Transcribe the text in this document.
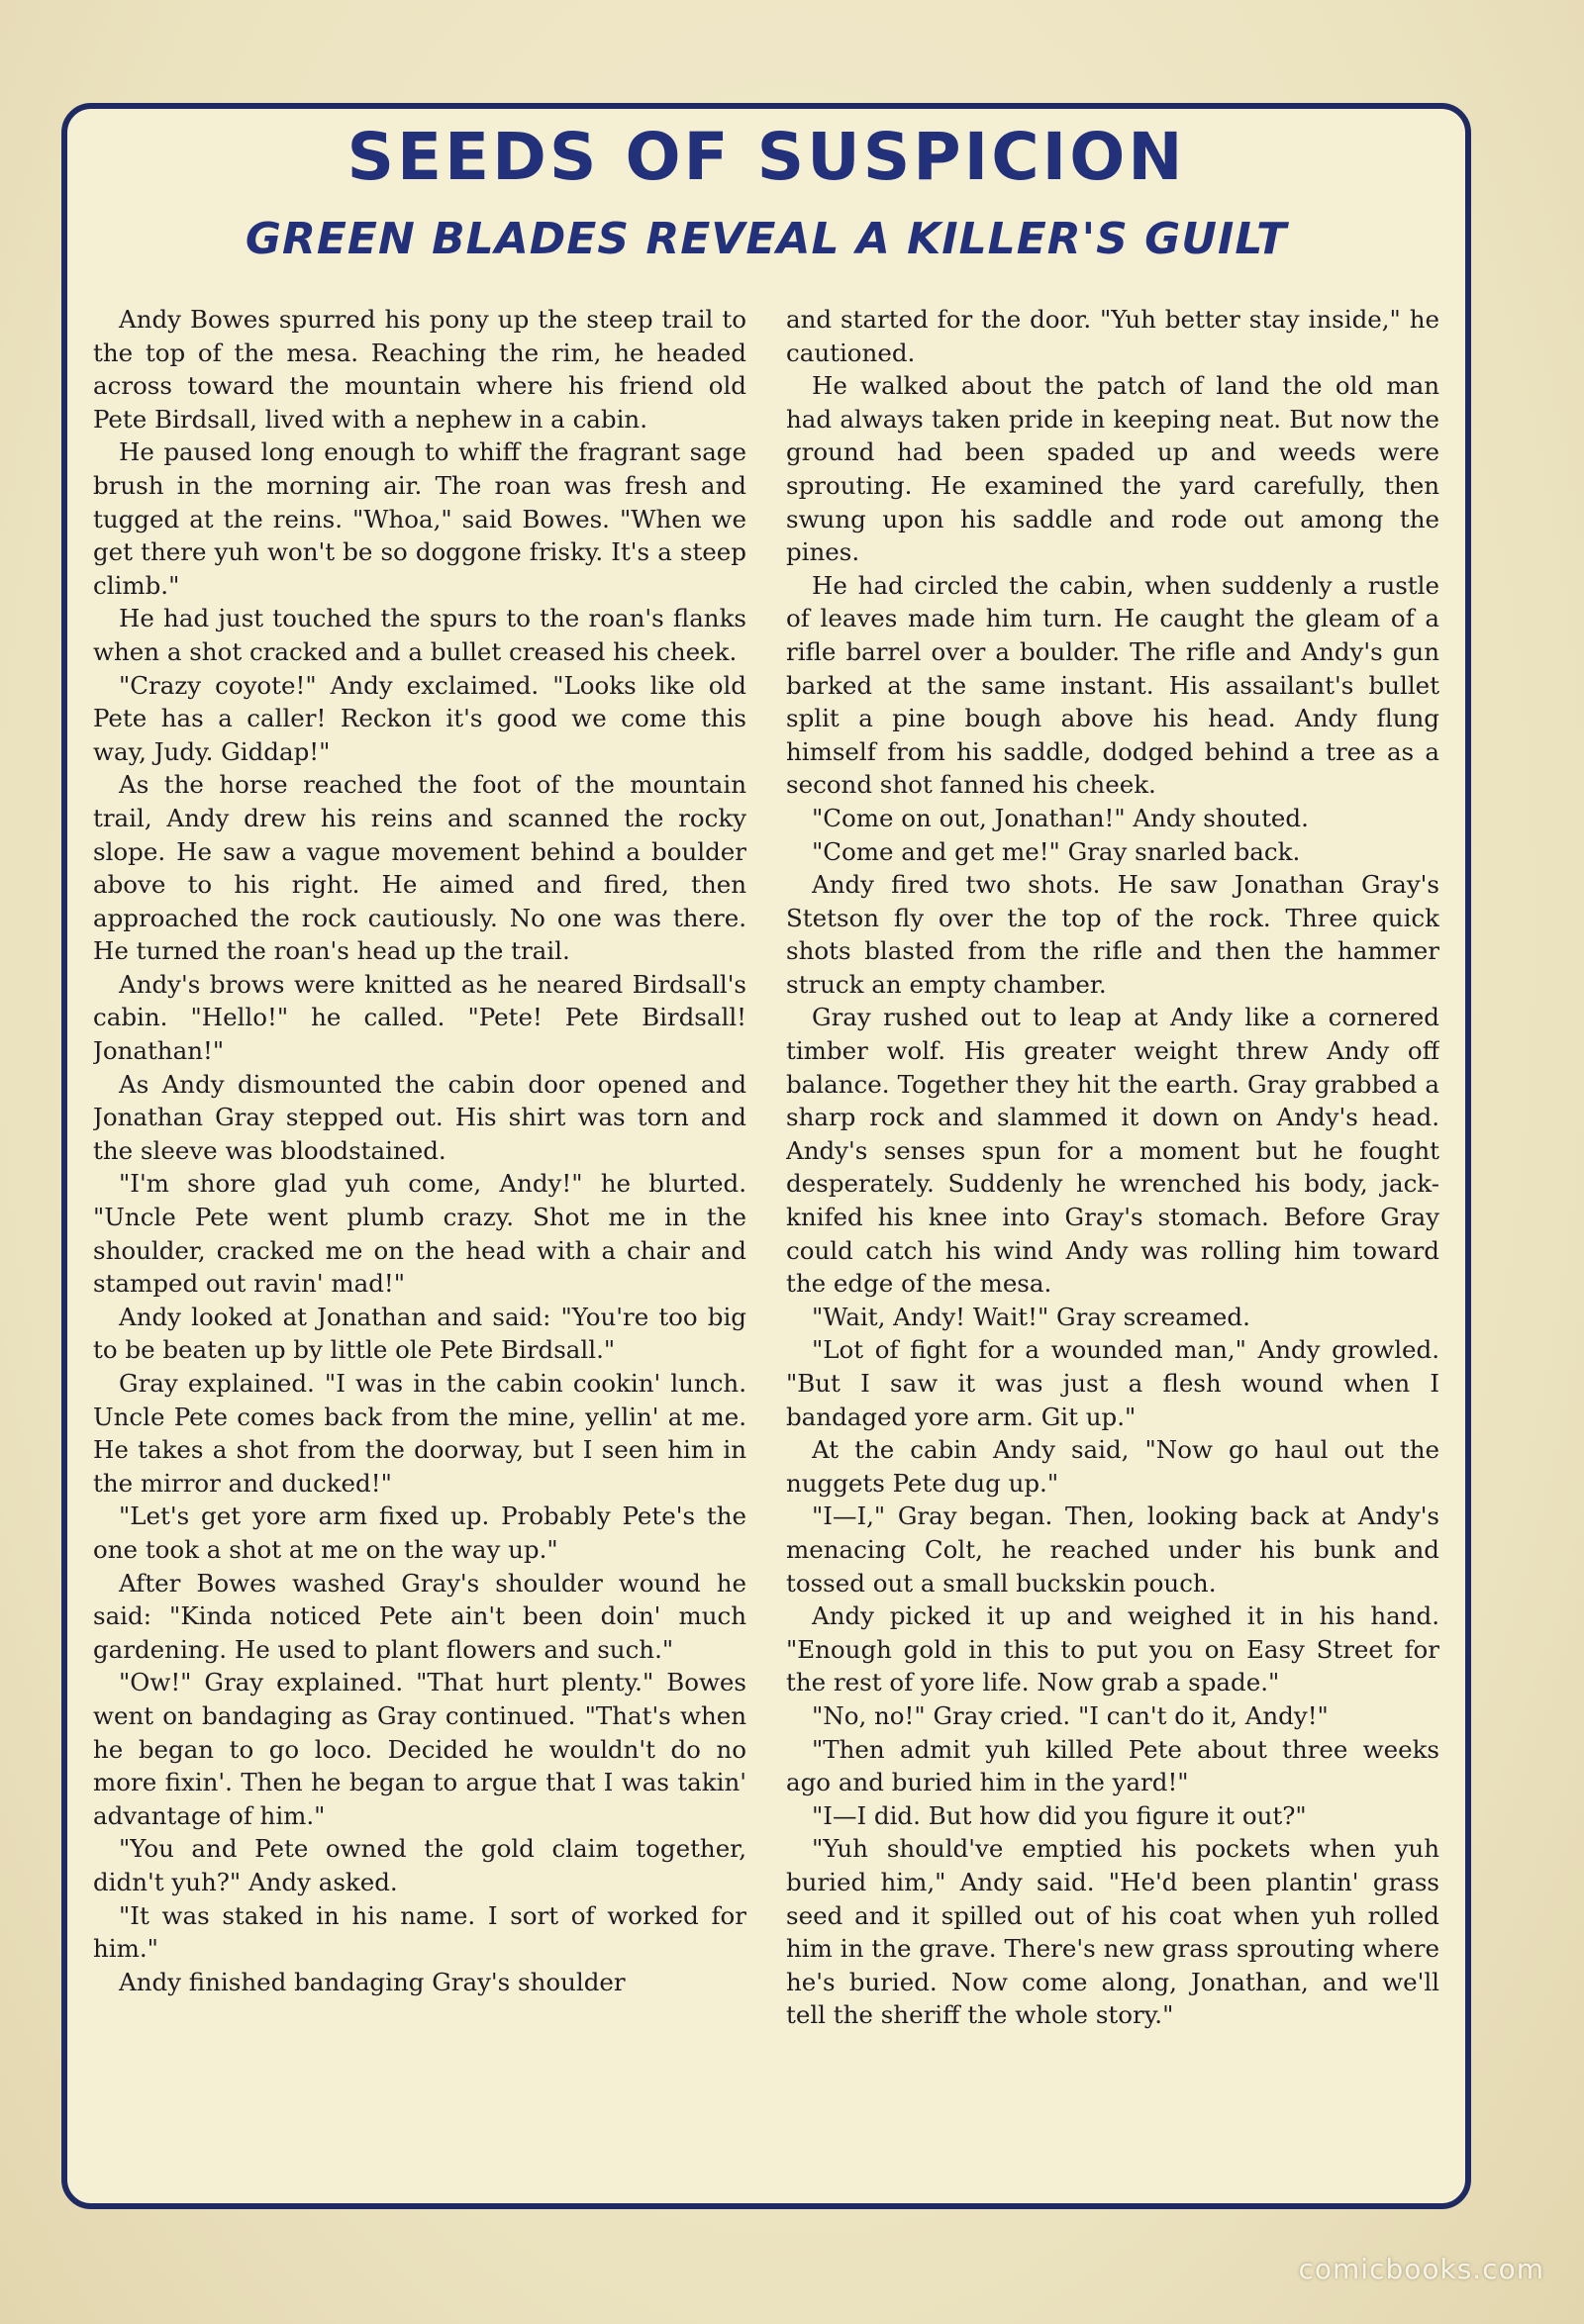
SEEDS OF SUSPICION
GREEN BLADES REVEAL A KILLER'S GUILT

Andy Bowes spurred his pony up the steep trail to the top of the mesa. Reaching the rim, he headed across toward the mountain where his friend old Pete Birdsall, lived with a nephew in a cabin.

He paused long enough to whiff the fragrant sage brush in the morning air. The roan was fresh and tugged at the reins. "Whoa," said Bowes. "When we get there yuh won't be so doggone frisky. It's a steep climb."

He had just touched the spurs to the roan's flanks when a shot cracked and a bullet creased his cheek.

"Crazy coyote!" Andy exclaimed. "Looks like old Pete has a caller! Reckon it's good we come this way, Judy. Giddap!"

As the horse reached the foot of the mountain trail, Andy drew his reins and scanned the rocky slope. He saw a vague movement behind a boulder above to his right. He aimed and fired, then approached the rock cautiously. No one was there. He turned the roan's head up the trail.

Andy's brows were knitted as he neared Birdsall's cabin. "Hello!" he called. "Pete! Pete Birdsall! Jonathan!"

As Andy dismounted the cabin door opened and Jonathan Gray stepped out. His shirt was torn and the sleeve was bloodstained.

"I'm shore glad yuh come, Andy!" he blurted. "Uncle Pete went plumb crazy. Shot me in the shoulder, cracked me on the head with a chair and stamped out ravin' mad!"

Andy looked at Jonathan and said: "You're too big to be beaten up by little ole Pete Birdsall."

Gray explained. "I was in the cabin cookin' lunch. Uncle Pete comes back from the mine, yellin' at me. He takes a shot from the doorway, but I seen him in the mirror and ducked!"

"Let's get yore arm fixed up. Probably Pete's the one took a shot at me on the way up."

After Bowes washed Gray's shoulder wound he said: "Kinda noticed Pete ain't been doin' much gardening. He used to plant flowers and such."

"Ow!" Gray explained. "That hurt plenty." Bowes went on bandaging as Gray continued. "That's when he began to go loco. Decided he wouldn't do no more fixin'. Then he began to argue that I was takin' advantage of him."

"You and Pete owned the gold claim together, didn't yuh?" Andy asked.

"It was staked in his name. I sort of worked for him."

Andy finished bandaging Gray's shoulder

and started for the door. "Yuh better stay inside," he cautioned.

He walked about the patch of land the old man had always taken pride in keeping neat. But now the ground had been spaded up and weeds were sprouting. He examined the yard carefully, then swung upon his saddle and rode out among the pines.

He had circled the cabin, when suddenly a rustle of leaves made him turn. He caught the gleam of a rifle barrel over a boulder. The rifle and Andy's gun barked at the same instant. His assailant's bullet split a pine bough above his head. Andy flung himself from his saddle, dodged behind a tree as a second shot fanned his cheek.

"Come on out, Jonathan!" Andy shouted.

"Come and get me!" Gray snarled back.

Andy fired two shots. He saw Jonathan Gray's Stetson fly over the top of the rock. Three quick shots blasted from the rifle and then the hammer struck an empty chamber.

Gray rushed out to leap at Andy like a cornered timber wolf. His greater weight threw Andy off balance. Together they hit the earth. Gray grabbed a sharp rock and slammed it down on Andy's head. Andy's senses spun for a moment but he fought desperately. Suddenly he wrenched his body, jack-knifed his knee into Gray's stomach. Before Gray could catch his wind Andy was rolling him toward the edge of the mesa.

"Wait, Andy! Wait!" Gray screamed.

"Lot of fight for a wounded man," Andy growled. "But I saw it was just a flesh wound when I bandaged yore arm. Git up."

At the cabin Andy said, "Now go haul out the nuggets Pete dug up."

"I—I," Gray began. Then, looking back at Andy's menacing Colt, he reached under his bunk and tossed out a small buckskin pouch.

Andy picked it up and weighed it in his hand. "Enough gold in this to put you on Easy Street for the rest of yore life. Now grab a spade."

"No, no!" Gray cried. "I can't do it, Andy!"

"Then admit yuh killed Pete about three weeks ago and buried him in the yard!"

"I—I did. But how did you figure it out?"

"Yuh should've emptied his pockets when yuh buried him," Andy said. "He'd been plantin' grass seed and it spilled out of his coat when yuh rolled him in the grave. There's new grass sprouting where he's buried. Now come along, Jonathan, and we'll tell the sheriff the whole story."

comicbooks.com
